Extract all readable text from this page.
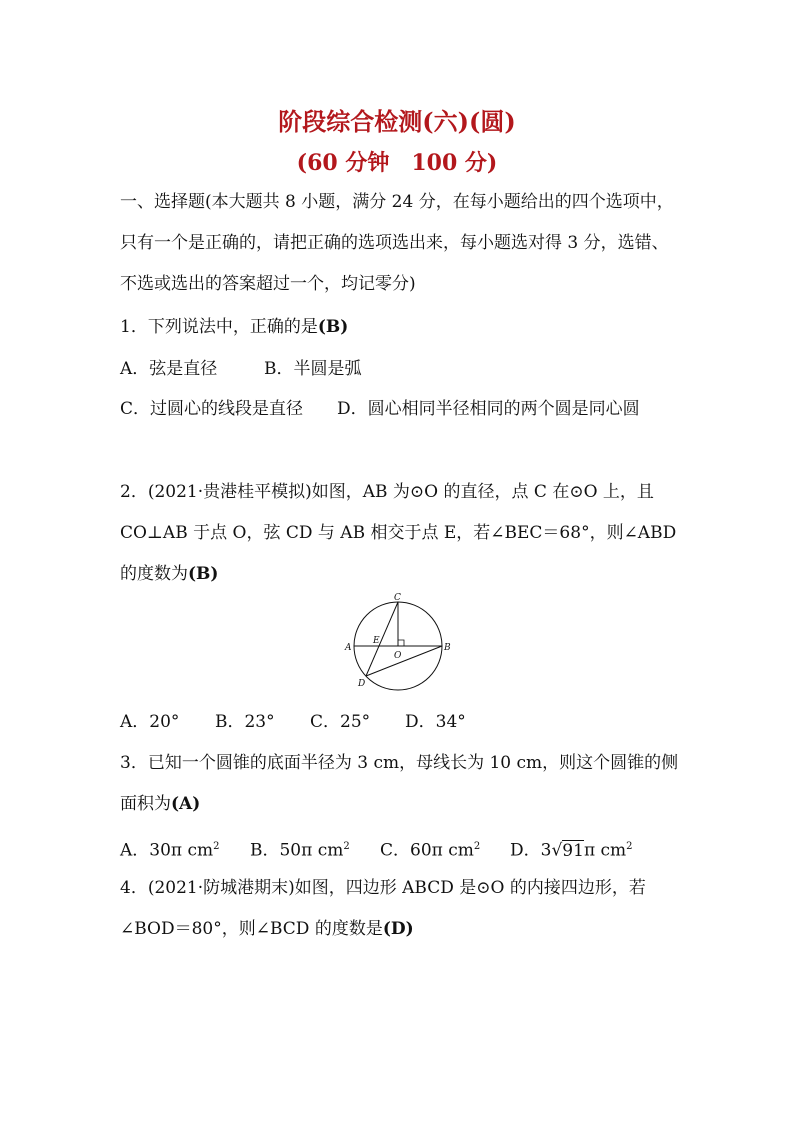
阶段综合检测(六)(圆)
(60 分钟　100 分)
一、选择题(本大题共 8 小题，满分 24 分，在每小题给出的四个选项中，只有一个是正确的，请把正确的选项选出来，每小题选对得 3 分，选错、不选或选出的答案超过一个，均记零分)
1．下列说法中，正确的是(B)
A．弦是直径	B．半圆是弧
C．过圆心的线段是直径 D．圆心相同半径相同的两个圆是同心圆
2．(2021·贵港桂平模拟)如图，AB 为⊙O 的直径，点 C 在⊙O 上，且 CO⊥AB 于点 O，弦 CD 与 AB 相交于点 E，若∠BEC＝68°，则∠ABD 的度数为(B)
A	B
C
D
E
O
A．20° B．23° C．25° D．34°
3．已知一个圆锥的底面半径为 3 cm，母线长为 10 cm，则这个圆锥的侧面积为(A)
A．30π $cm^2$ B．50π $cm^2$ C．60π $cm^2$ D．3√91π $cm^2$
4．(2021·防城港期末)如图，四边形 ABCD 是⊙O 的内接四边形，若∠BOD＝80°，则∠BCD 的度数是(D)
